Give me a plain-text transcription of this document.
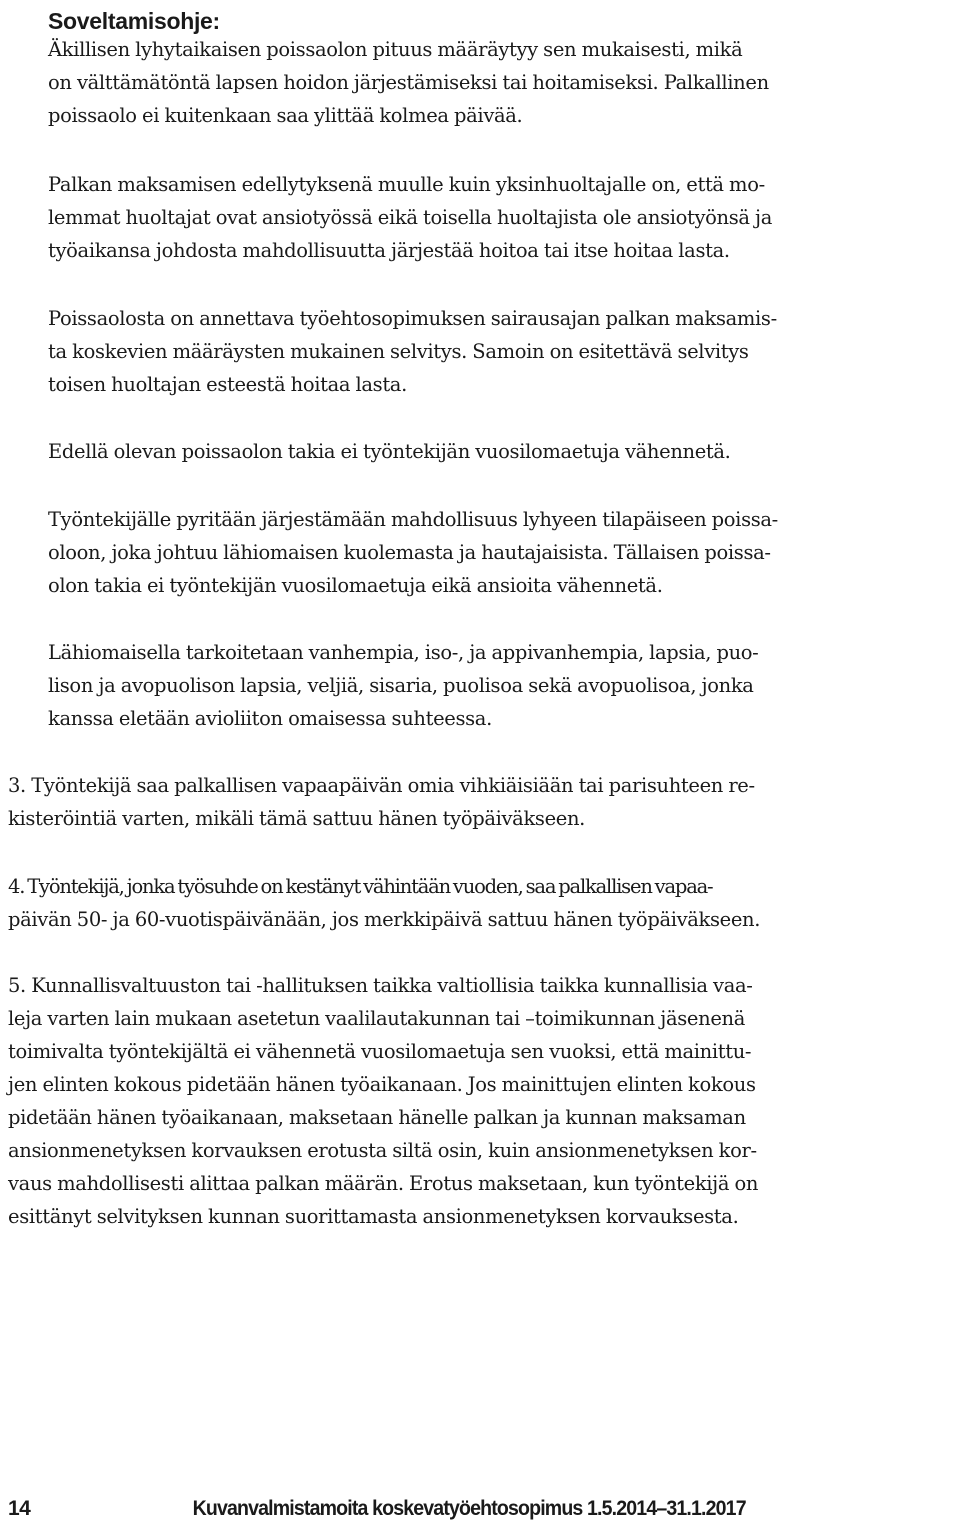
Soveltamisohje:

Äkillisen lyhytaikaisen poissaolon pituus määräytyy sen mukaisesti, mikä
on välttämätöntä lapsen hoidon järjestämiseksi tai hoitamiseksi. Palkallinen
poissaolo ei kuitenkaan saa ylittää kolmea päivää.

Palkan maksamisen edellytyksenä muulle kuin yksinhuoltajalle on, että mo-
lemmat huoltajat ovat ansiotyössä eikä toisella huoltajista ole ansiotyönsä ja
työaikansa johdosta mahdollisuutta järjestää hoitoa tai itse hoitaa lasta.

Poissaolosta on annettava työehtosopimuksen sairausajan palkan maksamis-
ta koskevien määräysten mukainen selvitys. Samoin on esitettävä selvitys
toisen huoltajan esteestä hoitaa lasta.

Edellä olevan poissaolon takia ei työntekijän vuosilomaetuja vähennetä.

Työntekijälle pyritään järjestämään mahdollisuus lyhyeen tilapäiseen poissa-
oloon, joka johtuu lähiomaisen kuolemasta ja hautajaisista. Tällaisen poissa-
olon takia ei työntekijän vuosilomaetuja eikä ansioita vähennetä.

Lähiomaisella tarkoitetaan vanhempia, iso-, ja appivanhempia, lapsia, puo-
lison ja avopuolison lapsia, veljiä, sisaria, puolisoa sekä avopuolisoa, jonka
kanssa eletään avioliiton omaisessa suhteessa.

3. Työntekijä saa palkallisen vapaapäivän omia vihkiäisiään tai parisuhteen re-
kisteröintiä varten, mikäli tämä sattuu hänen työpäiväkseen.

4. Työntekijä, jonka työsuhde on kestänyt vähintään vuoden, saa palkallisen vapaa-
päivän 50- ja 60-vuotispäivänään, jos merkkipäivä sattuu hänen työpäiväkseen.

5. Kunnallisvaltuuston tai -hallituksen taikka valtiollisia taikka kunnallisia vaa-
leja varten lain mukaan asetetun vaalilautakunnan tai –toimikunnan jäsenenä
toimivalta työntekijältä ei vähennetä vuosilomaetuja sen vuoksi, että mainittu-
jen elinten kokous pidetään hänen työaikanaan. Jos mainittujen elinten kokous
pidetään hänen työaikanaan, maksetaan hänelle palkan ja kunnan maksaman
ansionmenetyksen korvauksen erotusta siltä osin, kuin ansionmenetyksen kor-
vaus mahdollisesti alittaa palkan määrän. Erotus maksetaan, kun työntekijä on
esittänyt selvityksen kunnan suorittamasta ansionmenetyksen korvauksesta.

14	Kuvanvalmistamoita koskevatyöehtosopimus 1.5.2014–31.1.2017
